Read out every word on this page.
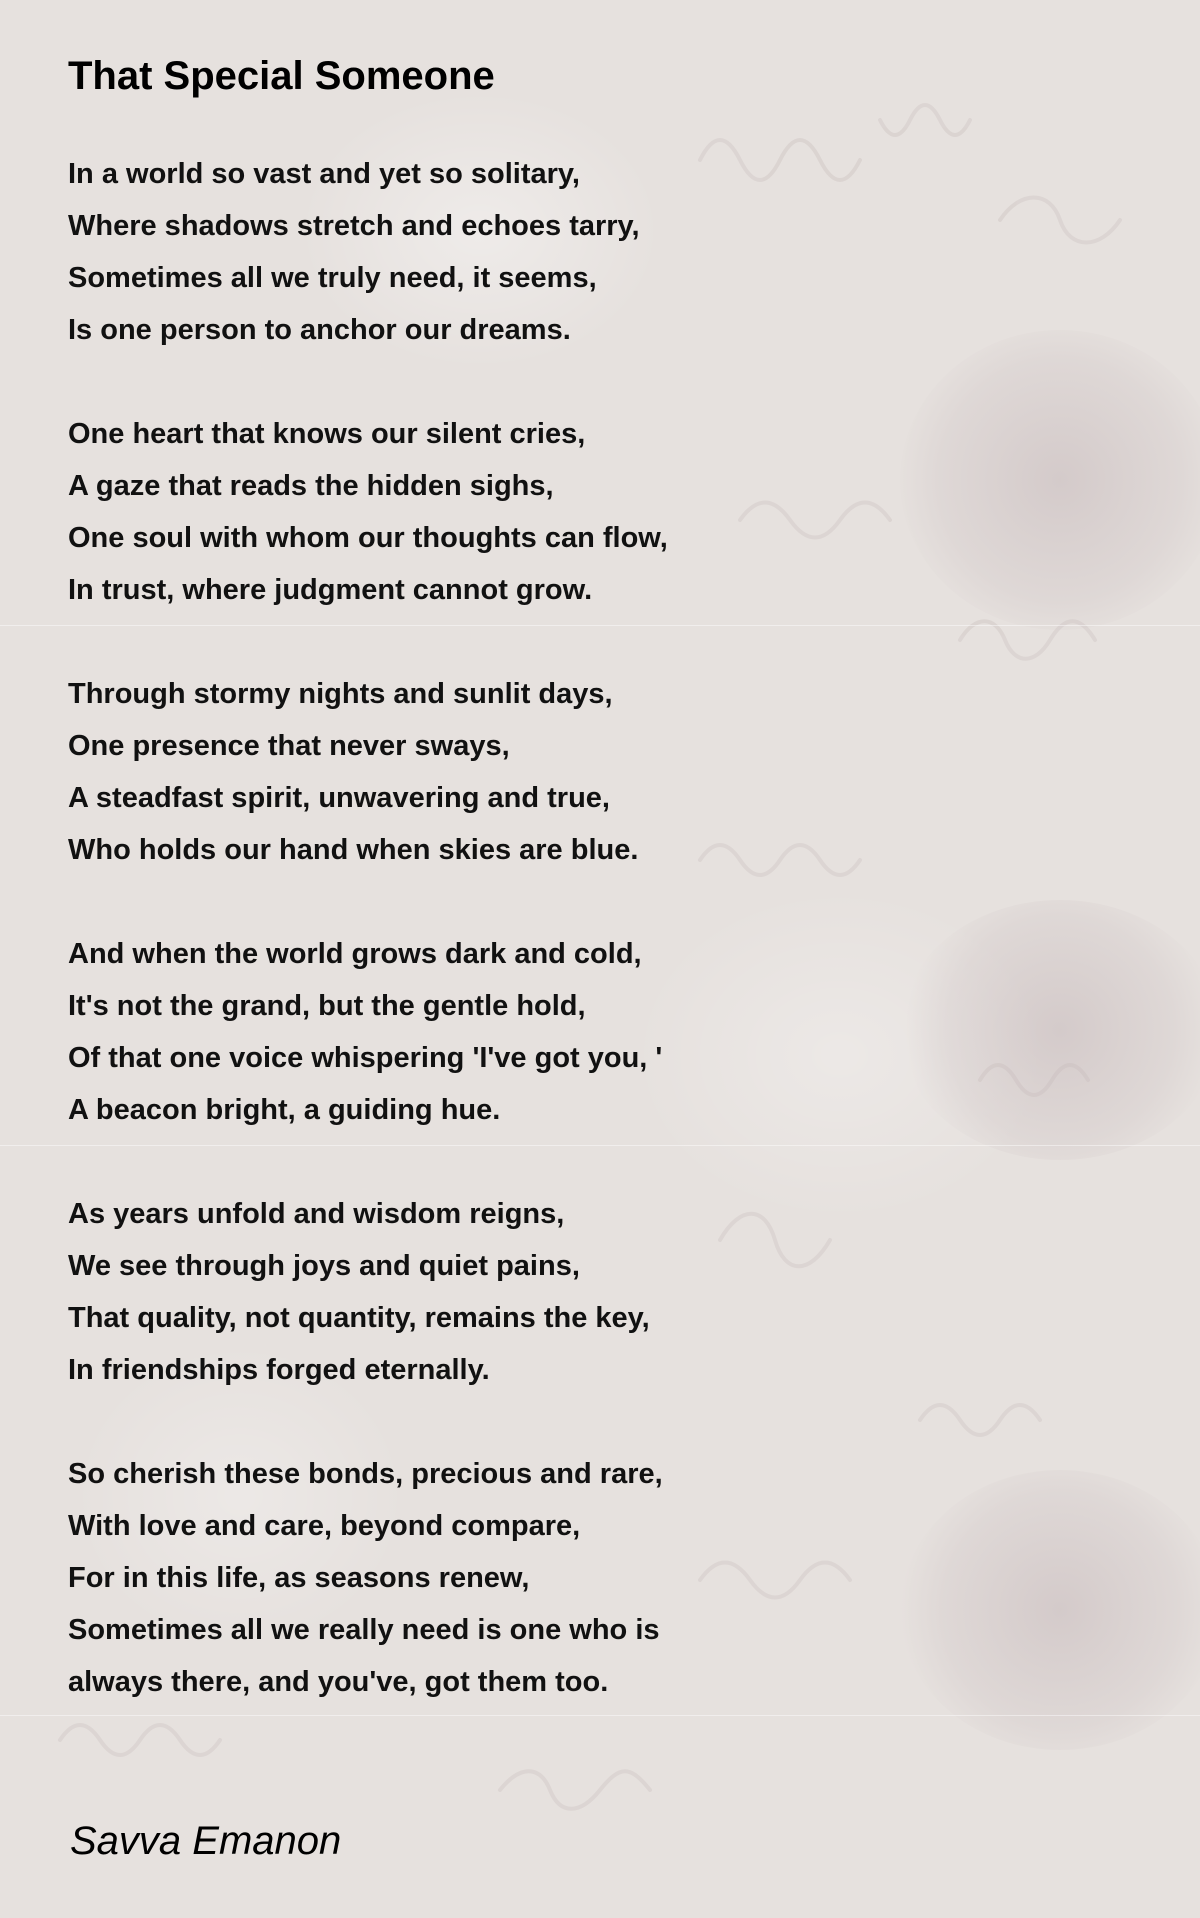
That Special Someone
In a world so vast and yet so solitary,
Where shadows stretch and echoes tarry,
Sometimes all we truly need, it seems,
Is one person to anchor our dreams.
One heart that knows our silent cries,
A gaze that reads the hidden sighs,
One soul with whom our thoughts can flow,
In trust, where judgment cannot grow.
Through stormy nights and sunlit days,
One presence that never sways,
A steadfast spirit, unwavering and true,
Who holds our hand when skies are blue.
And when the world grows dark and cold,
It's not the grand, but the gentle hold,
Of that one voice whispering 'I've got you, '
A beacon bright, a guiding hue.
As years unfold and wisdom reigns,
We see through joys and quiet pains,
That quality, not quantity, remains the key,
In friendships forged eternally.
So cherish these bonds, precious and rare,
With love and care, beyond compare,
For in this life, as seasons renew,
Sometimes all we really need is one who is
always there, and you've, got them too.

Savva Emanon
